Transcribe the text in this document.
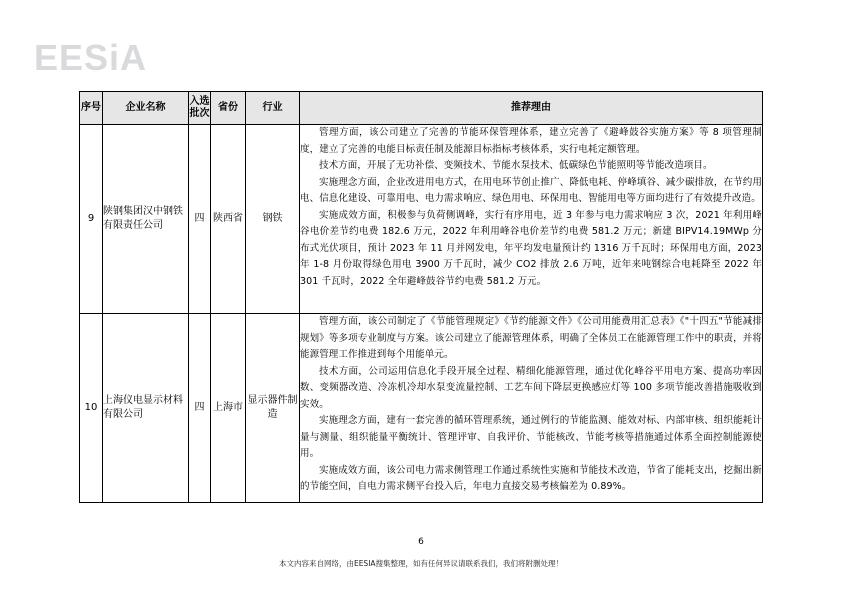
EESiA
序号	企业名称	入选批次	省份	行业	推荐理由
9	陕钢集团汉中钢铁有限责任公司	四	陕西省	钢铁	管理方面，该公司建立了完善的节能环保管理体系，建立完善了《避峰鼓谷实施方案》等 8 项管理制度，建立了完善的电能目标责任制及能源目标指标考核体系，实行电耗定额管理。

技术方面，开展了无功补偿、变频技术、节能水泵技术、低碳绿色节能照明等节能改造项目。

实施理念方面，企业改进用电方式，在用电环节创止推广、降低电耗、停峰填谷、减少碳排放，在节约用电、信息化建设、可靠用电、电力需求响应、绿色用电、环保用电、智能用电等方面均进行了有效提升改造。

实施成效方面，积极参与负荷侧调峰，实行有序用电，近 3 年参与电力需求响应 3 次，2021 年利用峰谷电价差节约电费 182.6 万元，2022 年利用峰谷电价差节约电费 581.2 万元；新建 BIPV14.19MWp 分布式光伏项目，预计 2023 年 11 月并网发电，年平均发电量预计约 1316 万千瓦时；环保用电方面，2023 年 1-8 月份取得绿色用电 3900 万千瓦时，减少 CO2 排放 2.6 万吨，近年来吨钢综合电耗降至 2022 年 301 千瓦时，2022 全年避峰鼓谷节约电费 581.2 万元。

10	上海仪电显示材料有限公司	四	上海市	显示器件制造	管理方面，该公司制定了《节能管理规定》《节约能源文件》《公司用能费用汇总表》《"十四五"节能减排规划》等多项专业制度与方案。该公司建立了能源管理体系，明确了全体员工在能源管理工作中的职责，并将能源管理工作推进到每个用能单元。

技术方面，公司运用信息化手段开展全过程、精细化能源管理，通过优化峰谷平用电方案、提高功率因数、变频器改造、冷冻机冷却水泵变流量控制、工艺车间下降层更换感应灯等 100 多项节能改善措施吸收到实效。

实施理念方面，建有一套完善的循环管理系统，通过例行的节能监测、能效对标、内部审核、组织能耗计量与测量、组织能量平衡统计、管理评审、自我评价、节能核改、节能考核等措施通过体系全面控制能源使用。

实施成效方面，该公司电力需求侧管理工作通过系统性实施和节能技术改造，节省了能耗支出，挖掘出新的节能空间，自电力需求侧平台投入后，年电力直接交易考核偏差为 0.89%。

6
本文内容来自网络，由EESIA搜集整理，如有任何异议请联系我们，我们将附删处理！
